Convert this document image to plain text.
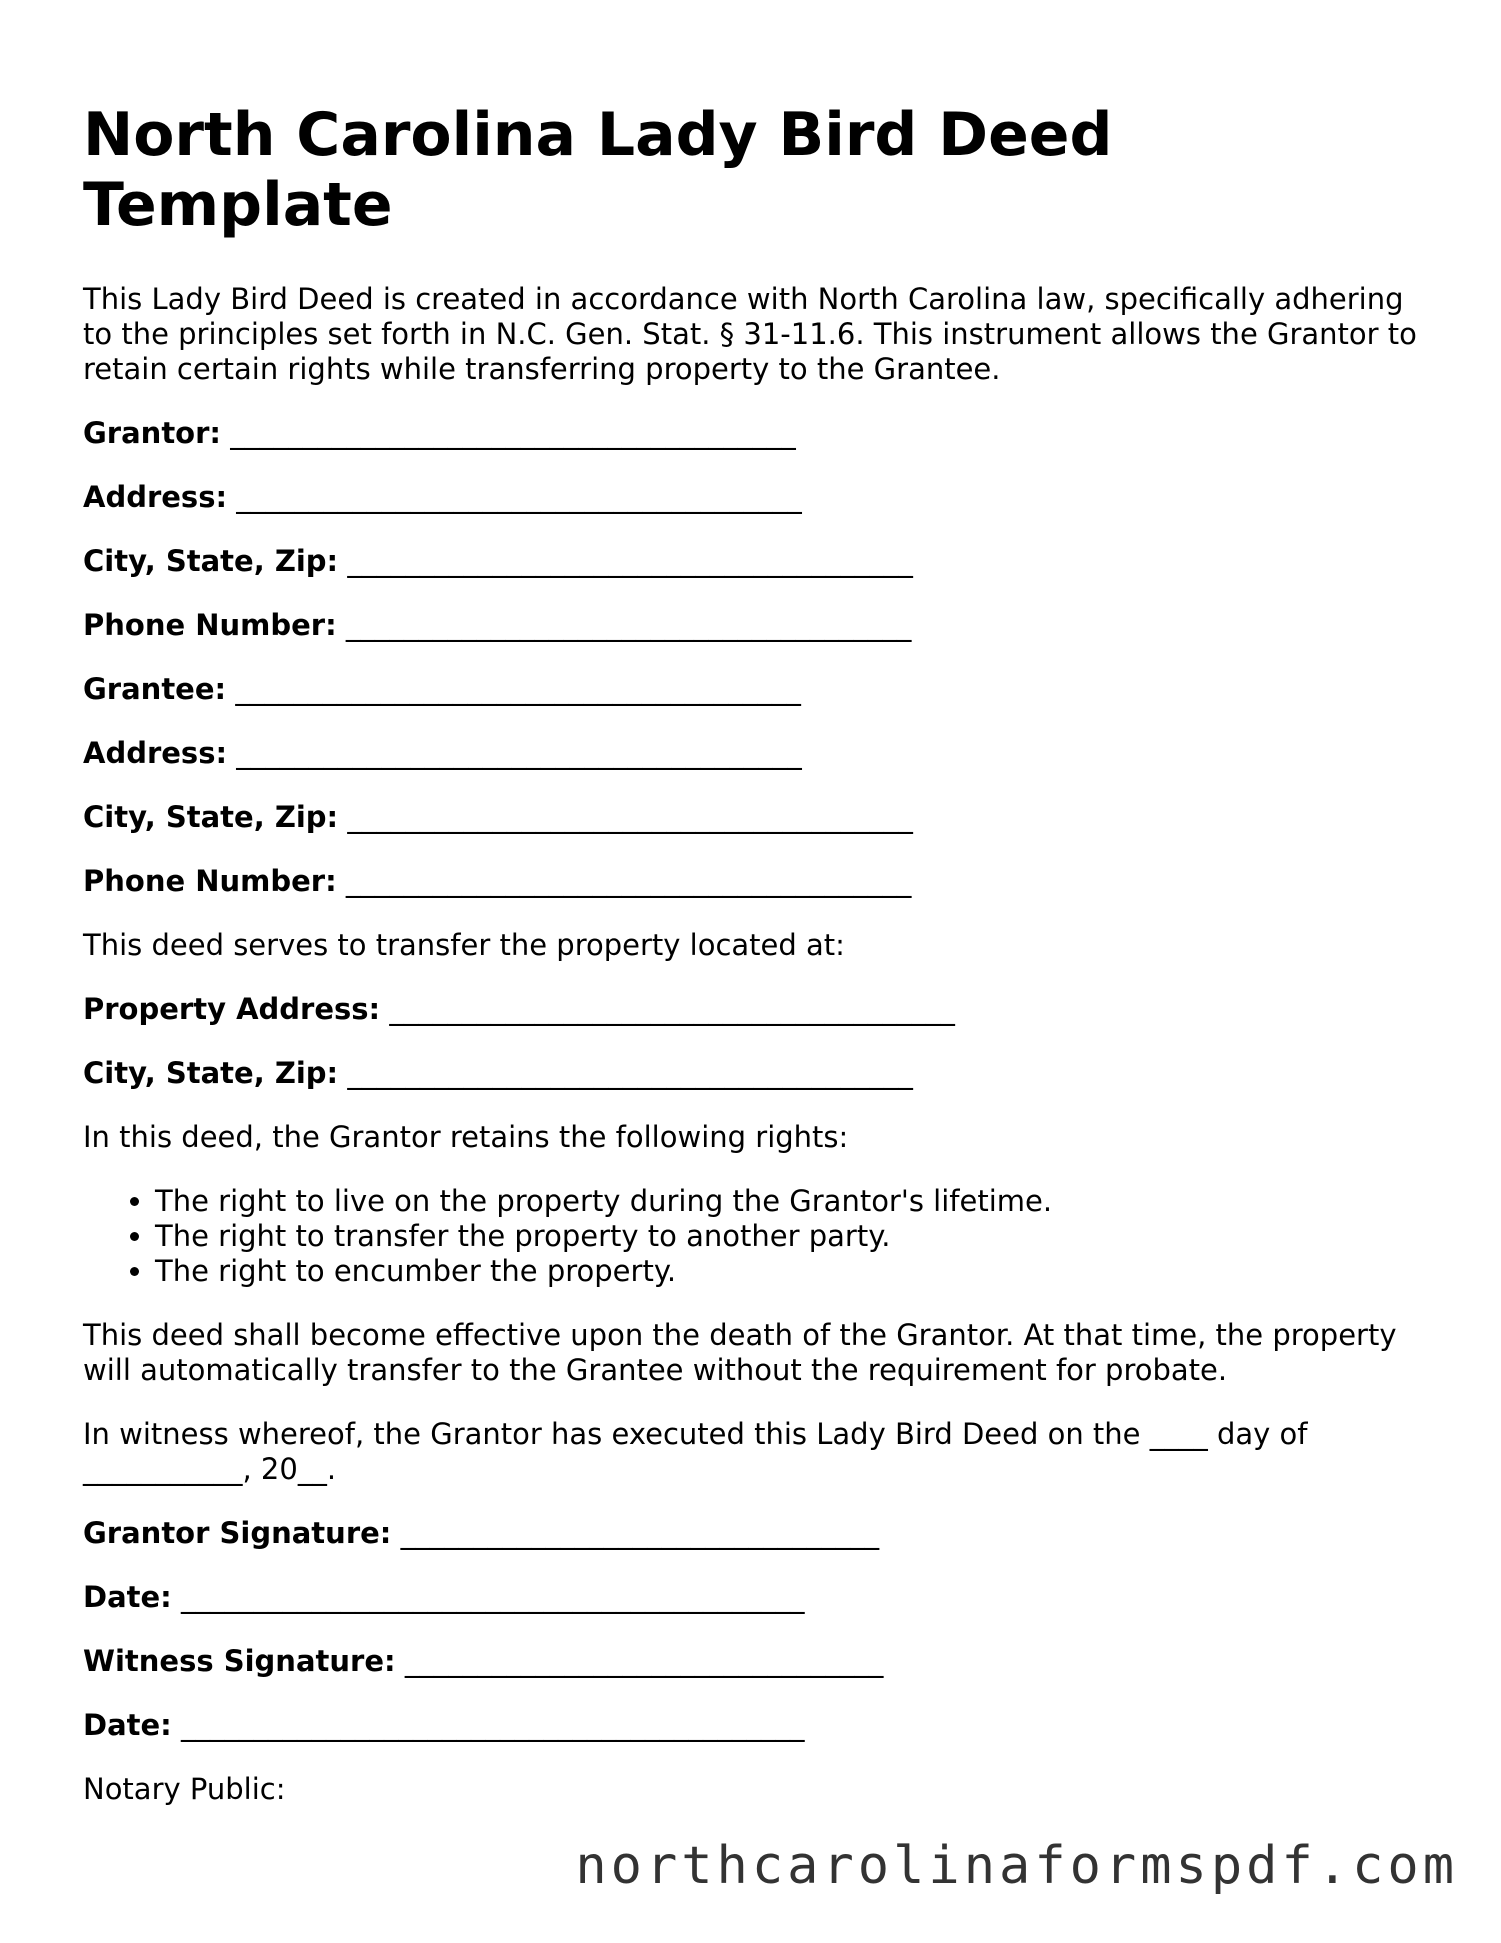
North Carolina Lady Bird Deed Template

This Lady Bird Deed is created in accordance with North Carolina law, specifically adhering to the principles set forth in N.C. Gen. Stat. § 31-11.6. This instrument allows the Grantor to retain certain rights while transferring property to the Grantee.

Grantor: _______________________________________
Address: _______________________________________
City, State, Zip: _______________________________________
Phone Number: _______________________________________
Grantee: _______________________________________
Address: _______________________________________
City, State, Zip: _______________________________________
Phone Number: _______________________________________

This deed serves to transfer the property located at:

Property Address: _______________________________________
City, State, Zip: _______________________________________

In this deed, the Grantor retains the following rights:

• The right to live on the property during the Grantor's lifetime.
• The right to transfer the property to another party.
• The right to encumber the property.

This deed shall become effective upon the death of the Grantor. At that time, the property will automatically transfer to the Grantee without the requirement for probate.

In witness whereof, the Grantor has executed this Lady Bird Deed on the ____ day of ___________, 20__.

Grantor Signature: _________________________________
Date: ___________________________________________
Witness Signature: _________________________________
Date: ___________________________________________

Notary Public:

northcarolinaformspdf.com
